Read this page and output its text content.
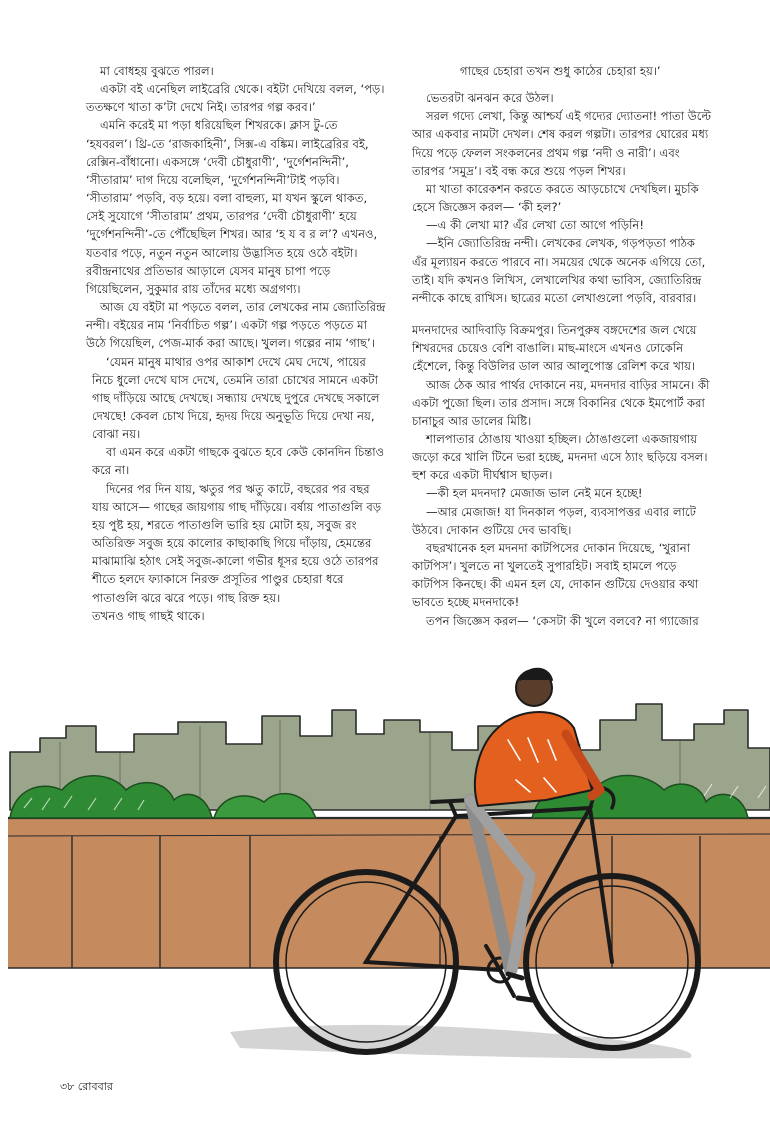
মা বোধহয় বুঝতে পারল।

একটা বই এনেছিল লাইব্রেরি থেকে। বইটা দেখিয়ে বলল, ‘পড়। ততক্ষণে খাতা ক’টা দেখে নিই। তারপর গল্প করব।’

এমনি করেই মা পড়া ধরিয়েছিল শিখরকে। ক্লাস টু-তে ‘হযবরল’। থ্রি-তে ‘রাজকাহিনী’, সিক্স-এ বঙ্কিম। লাইব্রেরির বই, রেক্সিন-বাঁধানো। একসঙ্গে ‘দেবী চৌধুরাণী’, ‘দুর্গেশনন্দিনী’, ‘সীতারাম’ দাগ দিয়ে বলেছিল, ‘দুর্গেশনন্দিনী’টাই পড়বি। ‘সীতারাম’ পড়বি, বড় হয়ে। বলা বাহুল্য, মা যখন স্কুলে থাকত, সেই সুযোগে ‘সীতারাম’ প্রথম, তারপর ‘দেবী চৌধুরাণী’ হয়ে ‘দুর্গেশনন্দিনী’-তে পৌঁছেছিল শিখর। আর ‘হ য ব র ল’? এখনও, যতবার পড়ে, নতুন নতুন আলোয় উদ্ভাসিত হয়ে ওঠে বইটা। রবীন্দ্রনাথের প্রতিভার আড়ালে যেসব মানুষ চাপা পড়ে গিয়েছিলেন, সুকুমার রায় তাঁদের মধ্যে অগ্রগণ্য।

আজ যে বইটা মা পড়তে বলল, তার লেখকের নাম জ্যোতিরিন্দ্র নন্দী। বইয়ের নাম ‘নির্বাচিত গল্প’। একটা গল্প পড়তে পড়তে মা উঠে গিয়েছিল, পেজ-মার্ক করা আছে। খুলল। গল্পের নাম ‘গাছ’।

‘যেমন মানুষ মাথার ওপর আকাশ দেখে মেঘ দেখে, পায়ের নিচে ধুলো দেখে ঘাস দেখে, তেমনি তারা চোখের সামনে একটা গাছ দাঁড়িয়ে আছে দেখছে। সন্ধ্যায় দেখছে দুপুরে দেখছে সকালে দেখছে! কেবল চোখ দিয়ে, হৃদয় দিয়ে অনুভূতি দিয়ে দেখা নয়, বোঝা নয়।

বা এমন করে একটা গাছকে বুঝতে হবে কেউ কোনদিন চিন্তাও করে না।

দিনের পর দিন যায়, ঋতুর পর ঋতু কাটে, বছরের পর বছর যায় আসে— গাছের জায়গায় গাছ দাঁড়িয়ে। বর্ষায় পাতাগুলি বড় হয় পুষ্ট হয়, শরতে পাতাগুলি ভারি হয় মোটা হয়, সবুজ রং অতিরিক্ত সবুজ হয়ে কালোর কাছাকাছি গিয়ে দাঁড়ায়, হেমন্তের মাঝামাঝি হঠাৎ সেই সবুজ-কালো গভীর ধূসর হয়ে ওঠে তারপর শীতে হলদে ফ্যাকাসে নিরক্ত প্রসূতির পাণ্ডুর চেহারা ধরে পাতাগুলি ঝরে ঝরে পড়ে। গাছ রিক্ত হয়।

তখনও গাছ গাছই থাকে।

গাছের চেহারা তখন শুধু কাঠের চেহারা হয়।’

ভেতরটা ঝনঝন করে উঠল।

সরল গদ্যে লেখা, কিন্তু আশ্চর্য এই গদ্যের দ্যোতনা! পাতা উল্টে আর একবার নামটা দেখল। শেষ করল গল্পটা। তারপর ঘোরের মধ্য দিয়ে পড়ে ফেলল সংকলনের প্রথম গল্প ‘নদী ও নারী’। এবং তারপর ‘সমুদ্র’। বই বন্ধ করে শুয়ে পড়ল শিখর।

মা খাতা কারেকশন করতে করতে আড়চোখে দেখছিল। মুচকি হেসে জিজ্ঞেস করল— ‘কী হল?’

—এ কী লেখা মা? এঁর লেখা তো আগে পড়িনি!

—ইনি জ্যোতিরিন্দ্র নন্দী। লেখকের লেখক, গড়পড়তা পাঠক এঁর মূল্যায়ন করতে পারবে না। সময়ের থেকে অনেক এগিয়ে তো, তাই। যদি কখনও লিখিস, লেখালেখির কথা ভাবিস, জ্যোতিরিন্দ্র নন্দীকে কাছে রাখিস। ছাত্রের মতো লেখাগুলো পড়বি, বারবার।

মদনদাদের আদিবাড়ি বিক্রমপুর। তিনপুরুষ বঙ্গদেশের জল খেয়ে শিখরদের চেয়েও বেশি বাঙালি। মাছ-মাংসে এখনও ঢোকেনি হেঁশেলে, কিন্তু বিউলির ডাল আর আলুপোস্ত রেলিশ করে খায়।

আজ ঠেক আর পার্থর দোকানে নয়, মদনদার বাড়ির সামনে। কী একটা পুজো ছিল। তার প্রসাদ। সঙ্গে বিকানির থেকে ইমপোর্ট করা চানাচুর আর ডালের মিষ্টি।

শালপাতার ঠোঙায় খাওয়া হচ্ছিল। ঠোঙাগুলো একজায়গায় জড়ো করে খালি টিনে ভরা হচ্ছে, মদনদা এসে ঠ্যাং ছড়িয়ে বসল। হুশ করে একটা দীর্ঘশ্বাস ছাড়ল।

—কী হল মদনদা? মেজাজ ভাল নেই মনে হচ্ছে!

—আর মেজাজ! যা দিনকাল পড়ল, ব্যবসাপত্তর এবার লাটে উঠবে। দোকান গুটিয়ে দেব ভাবছি।

বছরখানেক হল মদনদা কাটপিসের দোকান দিয়েছে, ‘খুরানা কাটপিস’। খুলতে না খুলতেই সুপারহিট। সবাই হামলে পড়ে কাটপিস কিনছে। কী এমন হল যে, দোকান গুটিয়ে দেওয়ার কথা ভাবতে হচ্ছে মদনদাকে!

তপন জিজ্ঞেস করল— ‘কেসটা কী খুলে বলবে? না গ্যাজোর

৩৮ রোববার
